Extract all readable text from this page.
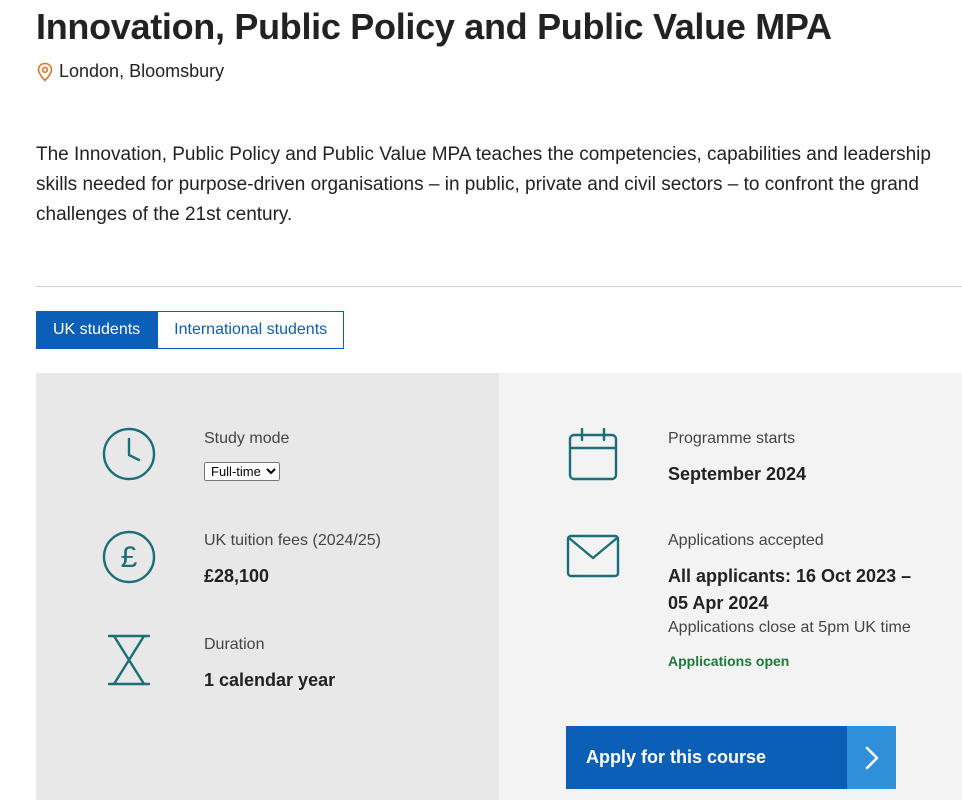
Innovation, Public Policy and Public Value MPA
London, Bloomsbury

The Innovation, Public Policy and Public Value MPA teaches the competencies, capabilities and leadership skills needed for purpose-driven organisations – in public, private and civil sectors – to confront the grand challenges of the 21st century.

UK students	International students

Study mode

Full-time
£

UK tuition fees (2024/25)

£28,100

Duration

1 calendar year

Programme starts

September 2024

Applications accepted

All applicants: 16 Oct 2023 –

05 Apr 2024

Applications close at 5pm UK time

Applications open

Apply for this course
